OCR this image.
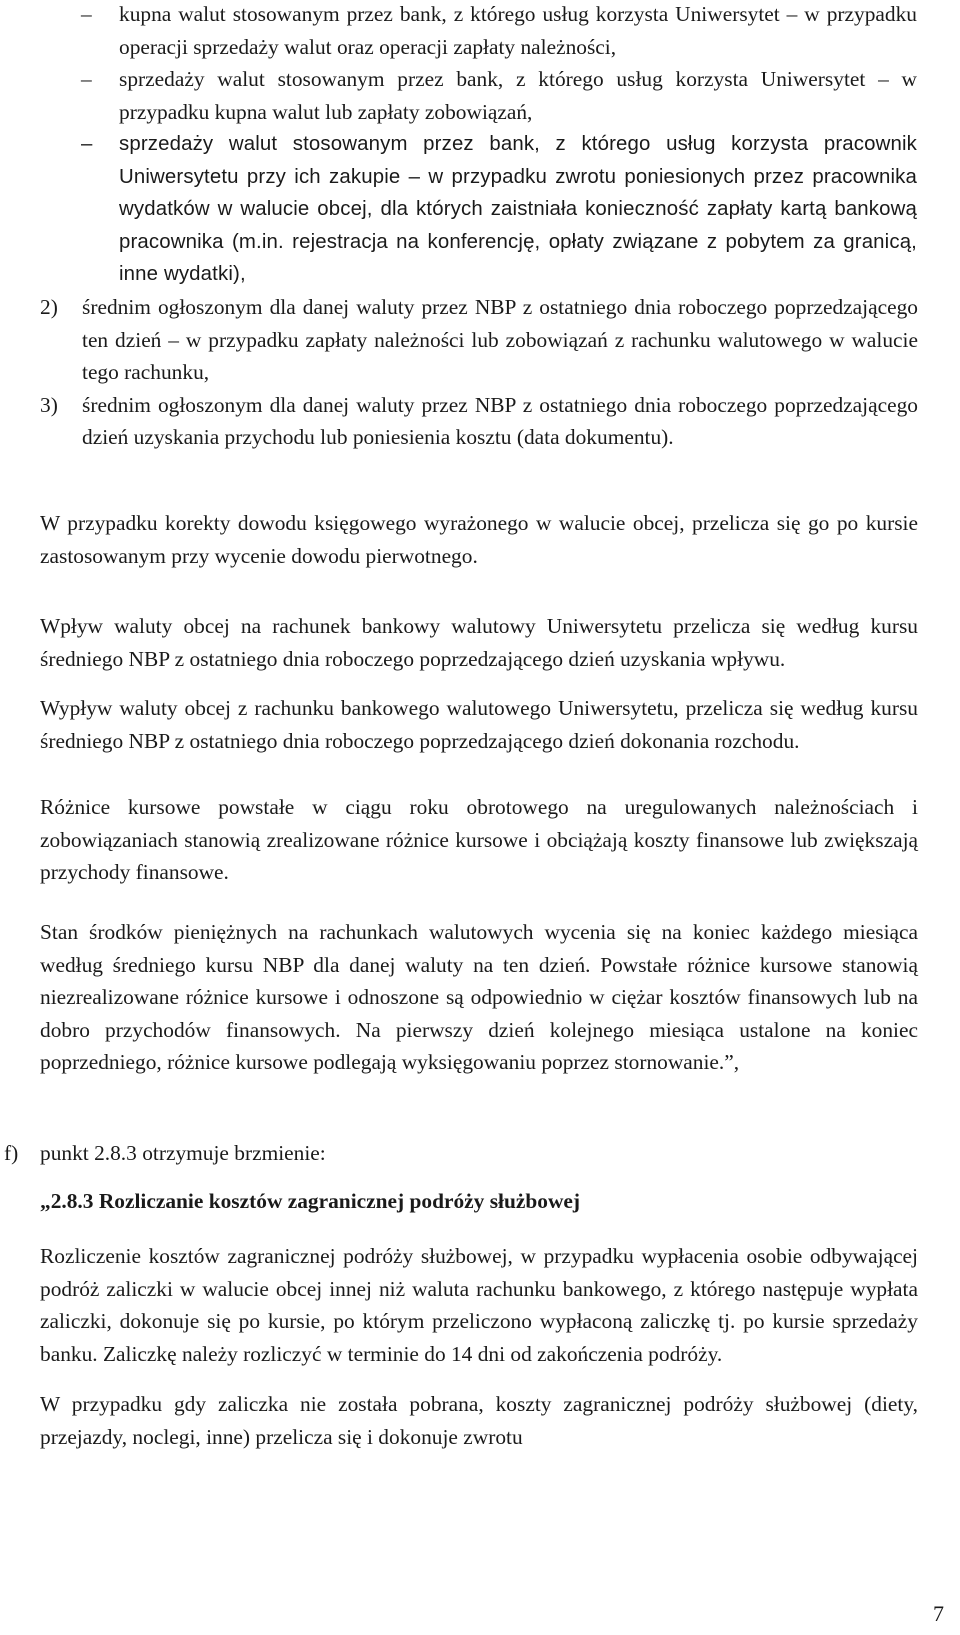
– kupna walut stosowanym przez bank, z którego usług korzysta Uniwersytet – w przypadku operacji sprzedaży walut oraz operacji zapłaty należności,

– sprzedaży walut stosowanym przez bank, z którego usług korzysta Uniwersytet – w przypadku kupna walut lub zapłaty zobowiązań,

– sprzedaży walut stosowanym przez bank, z którego usług korzysta pracownik Uniwersytetu przy ich zakupie – w przypadku zwrotu poniesionych przez pracownika wydatków w walucie obcej, dla których zaistniała konieczność zapłaty kartą bankową pracownika (m.in. rejestracja na konferencję, opłaty związane z pobytem za granicą, inne wydatki),

2) średnim ogłoszonym dla danej waluty przez NBP z ostatniego dnia roboczego poprzedzającego ten dzień – w przypadku zapłaty należności lub zobowiązań z rachunku walutowego w walucie tego rachunku,

3) średnim ogłoszonym dla danej waluty przez NBP z ostatniego dnia roboczego poprzedzającego dzień uzyskania przychodu lub poniesienia kosztu (data dokumentu).

W przypadku korekty dowodu księgowego wyrażonego w walucie obcej, przelicza się go po kursie zastosowanym przy wycenie dowodu pierwotnego.

Wpływ waluty obcej na rachunek bankowy walutowy Uniwersytetu przelicza się według kursu średniego NBP z ostatniego dnia roboczego poprzedzającego dzień uzyskania wpływu.

Wypływ waluty obcej z rachunku bankowego walutowego Uniwersytetu, przelicza się według kursu średniego NBP z ostatniego dnia roboczego poprzedzającego dzień dokonania rozchodu.

Różnice kursowe powstałe w ciągu roku obrotowego na uregulowanych należnościach i zobowiązaniach stanowią zrealizowane różnice kursowe i obciążają koszty finansowe lub zwiększają przychody finansowe.

Stan środków pieniężnych na rachunkach walutowych wycenia się na koniec każdego miesiąca według średniego kursu NBP dla danej waluty na ten dzień. Powstałe różnice kursowe stanowią niezrealizowane różnice kursowe i odnoszone są odpowiednio w ciężar kosztów finansowych lub na dobro przychodów finansowych. Na pierwszy dzień kolejnego miesiąca ustalone na koniec poprzedniego, różnice kursowe podlegają wyksięgowaniu poprzez stornowanie.”,

f) punkt 2.8.3 otrzymuje brzmienie:
„2.8.3 Rozliczanie kosztów zagranicznej podróży służbowej

Rozliczenie kosztów zagranicznej podróży służbowej, w przypadku wypłacenia osobie odbywającej podróż zaliczki w walucie obcej innej niż waluta rachunku bankowego, z którego następuje wypłata zaliczki, dokonuje się po kursie, po którym przeliczono wypłaconą zaliczkę tj. po kursie sprzedaży banku. Zaliczkę należy rozliczyć w terminie do 14 dni od zakończenia podróży.

W przypadku gdy zaliczka nie została pobrana, koszty zagranicznej podróży służbowej (diety, przejazdy, noclegi, inne) przelicza się i dokonuje zwrotu

7
